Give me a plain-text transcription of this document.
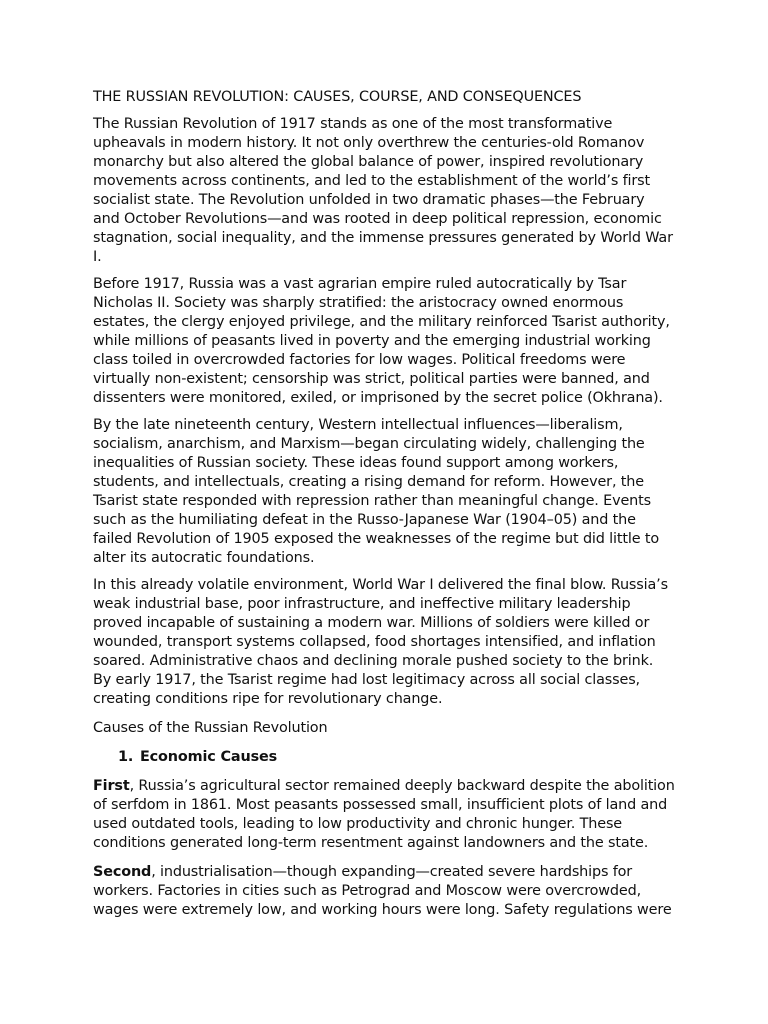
THE RUSSIAN REVOLUTION: CAUSES, COURSE, AND CONSEQUENCES

The Russian Revolution of 1917 stands as one of the most transformative upheavals in modern history. It not only overthrew the centuries-old Romanov monarchy but also altered the global balance of power, inspired revolutionary movements across continents, and led to the establishment of the world’s first socialist state. The Revolution unfolded in two dramatic phases—the February and October Revolutions—and was rooted in deep political repression, economic stagnation, social inequality, and the immense pressures generated by World War I.

Before 1917, Russia was a vast agrarian empire ruled autocratically by Tsar Nicholas II. Society was sharply stratified: the aristocracy owned enormous estates, the clergy enjoyed privilege, and the military reinforced Tsarist authority, while millions of peasants lived in poverty and the emerging industrial working class toiled in overcrowded factories for low wages. Political freedoms were virtually non-existent; censorship was strict, political parties were banned, and dissenters were monitored, exiled, or imprisoned by the secret police (Okhrana).

By the late nineteenth century, Western intellectual influences—liberalism, socialism, anarchism, and Marxism—began circulating widely, challenging the inequalities of Russian society. These ideas found support among workers, students, and intellectuals, creating a rising demand for reform. However, the Tsarist state responded with repression rather than meaningful change. Events such as the humiliating defeat in the Russo-Japanese War (1904–05) and the failed Revolution of 1905 exposed the weaknesses of the regime but did little to alter its autocratic foundations.

In this already volatile environment, World War I delivered the final blow. Russia’s weak industrial base, poor infrastructure, and ineffective military leadership proved incapable of sustaining a modern war. Millions of soldiers were killed or wounded, transport systems collapsed, food shortages intensified, and inflation soared. Administrative chaos and declining morale pushed society to the brink. By early 1917, the Tsarist regime had lost legitimacy across all social classes, creating conditions ripe for revolutionary change.

Causes of the Russian Revolution
1. Economic Causes

First, Russia’s agricultural sector remained deeply backward despite the abolition of serfdom in 1861. Most peasants possessed small, insufficient plots of land and used outdated tools, leading to low productivity and chronic hunger. These conditions generated long-term resentment against landowners and the state.

Second, industrialisation—though expanding—created severe hardships for workers. Factories in cities such as Petrograd and Moscow were overcrowded, wages were extremely low, and working hours were long. Safety regulations were
